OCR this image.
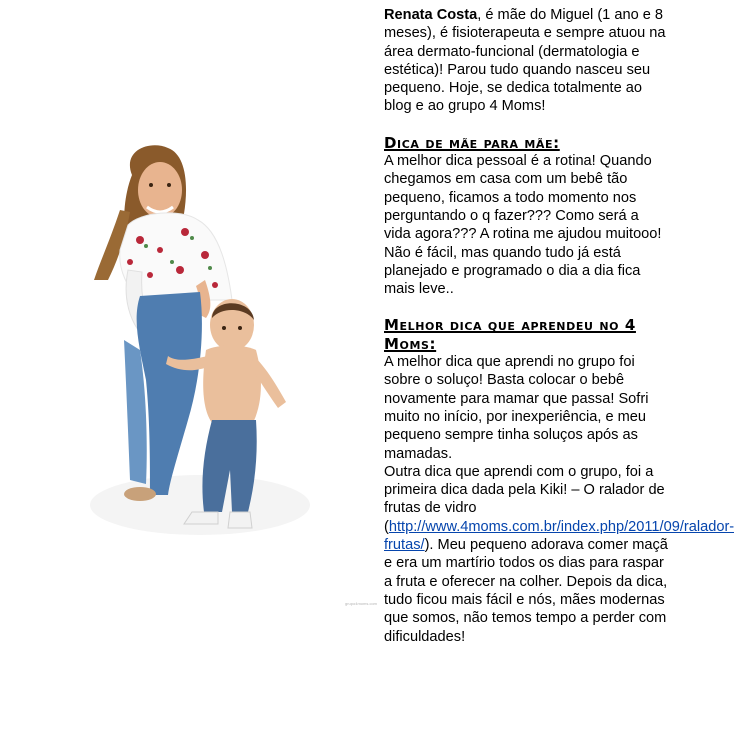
grupo4moms.com

Renata Costa, é mãe do Miguel (1 ano e 8 meses), é fisioterapeuta e sempre atuou na área dermato-funcional (dermatologia e estética)! Parou tudo quando nasceu seu pequeno. Hoje, se dedica totalmente ao blog e ao grupo 4 Moms!

Dica de mãe para mãe:

A melhor dica pessoal é a rotina! Quando chegamos em casa com um bebê tão pequeno, ficamos a todo momento nos perguntando o q fazer??? Como será a vida agora??? A rotina me ajudou muitooo! Não é fácil, mas quando tudo já está planejado e programado o dia a dia fica mais leve..

Melhor dica que aprendeu no 4 Moms:

A melhor dica que aprendi no grupo foi sobre o soluço! Basta colocar o bebê novamente para mamar que passa! Sofri muito no início, por inexperiência, e meu pequeno sempre tinha soluços após as mamadas.

Outra dica que aprendi com o grupo, foi a primeira dica dada pela Kiki! – O ralador de frutas de vidro (http://www.4moms.com.br/index.php/2011/09/ralador-frutas/). Meu pequeno adorava comer maçã e era um martírio todos os dias para raspar a fruta e oferecer na colher. Depois da dica, tudo ficou mais fácil e nós, mães modernas que somos, não temos tempo a perder com dificuldades!
